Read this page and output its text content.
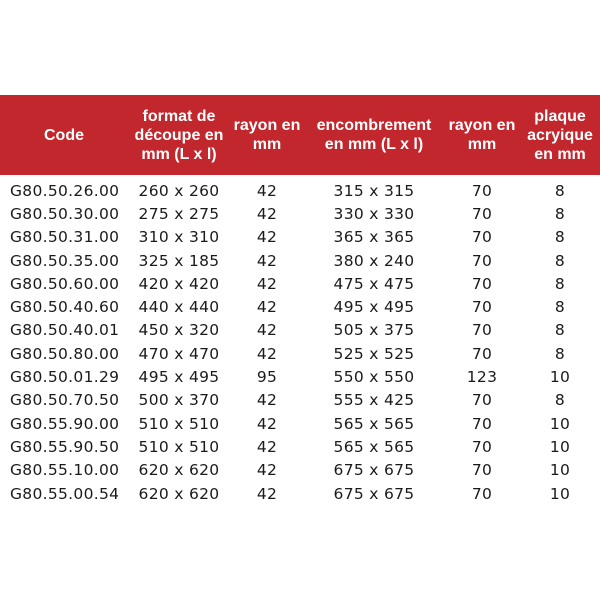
Code	format de découpe en mm (L x l)	rayon en mm	encombrement en mm (L x l)	rayon en mm	plaque acryique en mm
G80.50.26.00	260 x 260	42	315 x 315	70	8
G80.50.30.00	275 x 275	42	330 x 330	70	8
G80.50.31.00	310 x 310	42	365 x 365	70	8
G80.50.35.00	325 x 185	42	380 x 240	70	8
G80.50.60.00	420 x 420	42	475 x 475	70	8
G80.50.40.60	440 x 440	42	495 x 495	70	8
G80.50.40.01	450 x 320	42	505 x 375	70	8
G80.50.80.00	470 x 470	42	525 x 525	70	8
G80.50.01.29	495 x 495	95	550 x 550	123	10
G80.50.70.50	500 x 370	42	555 x 425	70	8
G80.55.90.00	510 x 510	42	565 x 565	70	10
G80.55.90.50	510 x 510	42	565 x 565	70	10
G80.55.10.00	620 x 620	42	675 x 675	70	10
G80.55.00.54	620 x 620	42	675 x 675	70	10
